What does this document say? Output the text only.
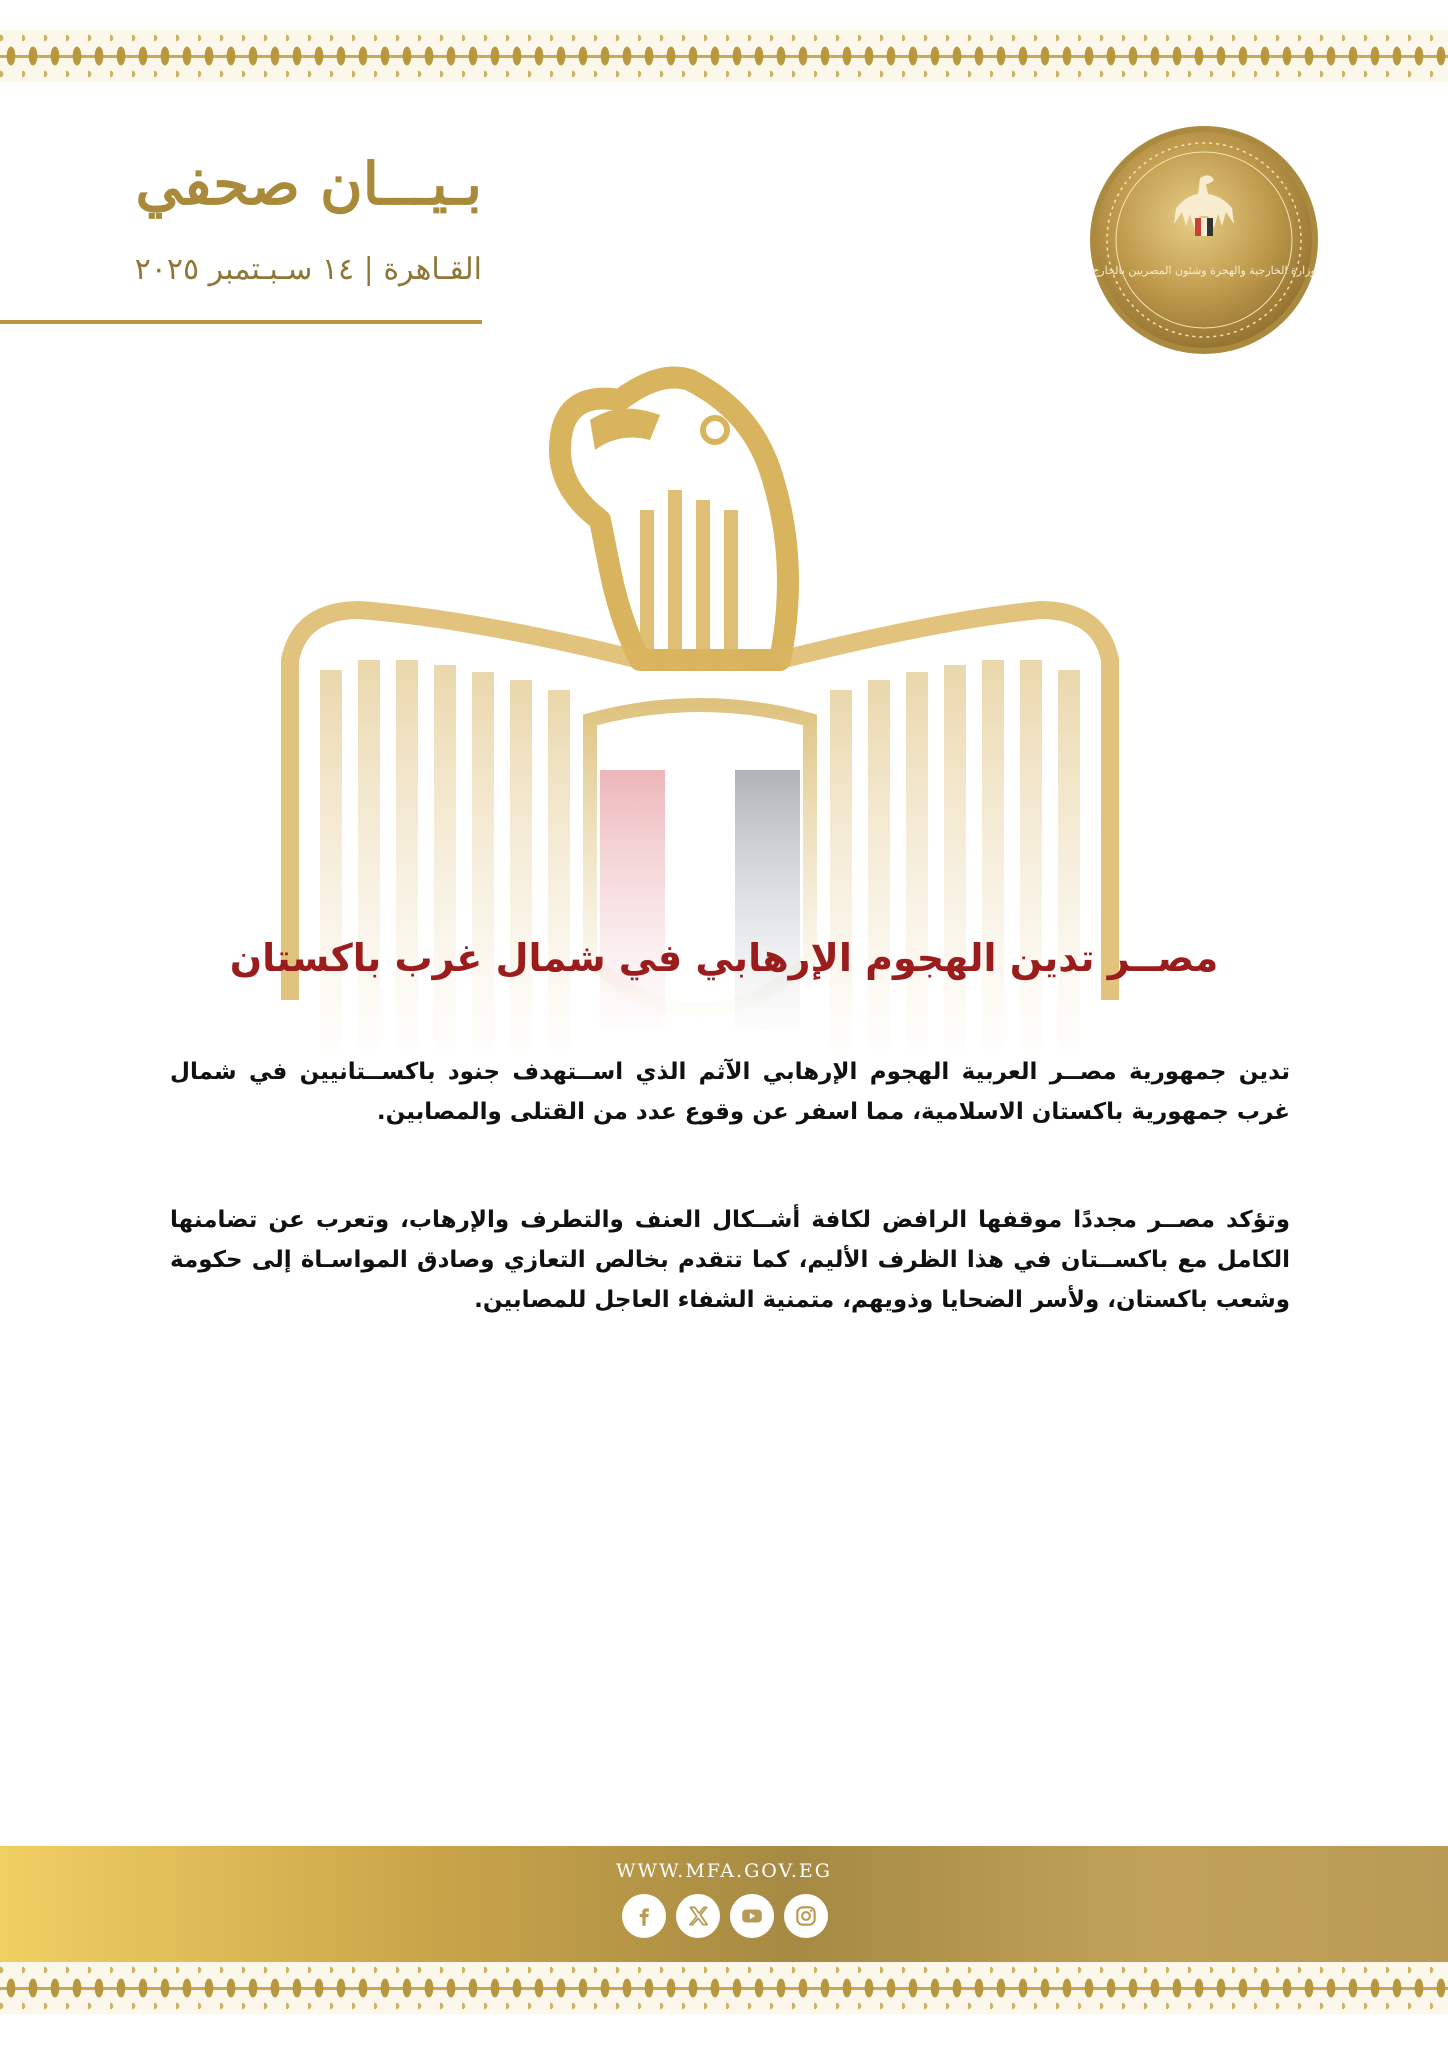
وزارة الخارجية والهجرة وشئون المصريين بالخارج
بـيـــان صحفي

القـاهرة | ١٤ سـبـتمبر ٢٠٢٥

مصــر تدين الهجوم الإرهابي في شمال غرب باكستان

تدين جمهورية مصــر العربية الهجوم الإرهابي الآثم الذي اســتهدف جنود باكســتانيين في شمال غرب جمهورية باكستان الاسلامية، مما اسفر عن وقوع عدد من القتلى والمصابين.

وتؤكد مصــر مجددًا موقفها الرافض لكافة أشــكال العنف والتطرف والإرهاب، وتعرب عن تضامنها الكامل مع باكســتان في هذا الظرف الأليم، كما تتقدم بخالص التعازي وصادق المواسـاة إلى حكومة وشعب باكستان، ولأسر الضحايا وذويهم، متمنية الشفاء العاجل للمصابين.

WWW.MFA.GOV.EG
